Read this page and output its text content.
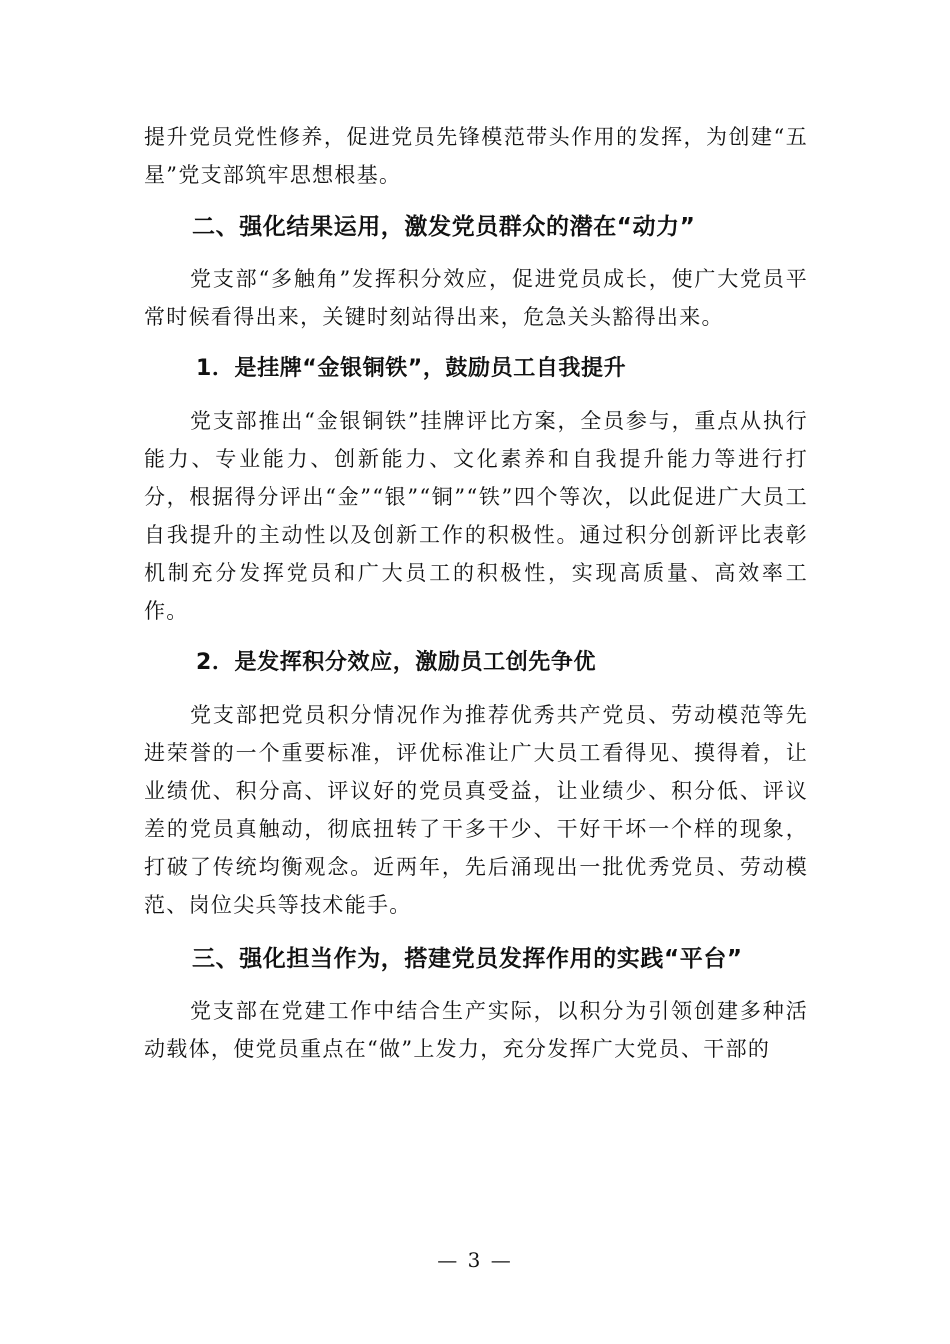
提升党员党性修养，促进党员先锋模范带头作用的发挥，为创建“五星”党支部筑牢思想根基。

二、强化结果运用，激发党员群众的潜在“动力”

党支部“多触角”发挥积分效应，促进党员成长，使广大党员平常时候看得出来，关键时刻站得出来，危急关头豁得出来。

1．是挂牌“金银铜铁”，鼓励员工自我提升

党支部推出“金银铜铁”挂牌评比方案，全员参与，重点从执行能力、专业能力、创新能力、文化素养和自我提升能力等进行打分，根据得分评出“金”“银”“铜”“铁”四个等次，以此促进广大员工自我提升的主动性以及创新工作的积极性。通过积分创新评比表彰机制充分发挥党员和广大员工的积极性，实现高质量、高效率工作。

2．是发挥积分效应，激励员工创先争优

党支部把党员积分情况作为推荐优秀共产党员、劳动模范等先进荣誉的一个重要标准，评优标准让广大员工看得见、摸得着，让业绩优、积分高、评议好的党员真受益，让业绩少、积分低、评议差的党员真触动，彻底扭转了干多干少、干好干坏一个样的现象，打破了传统均衡观念。近两年，先后涌现出一批优秀党员、劳动模范、岗位尖兵等技术能手。

三、强化担当作为，搭建党员发挥作用的实践“平台”

党支部在党建工作中结合生产实际，以积分为引领创建多种活动载体，使党员重点在“做”上发力，充分发挥广大党员、干部的

— 3 —
